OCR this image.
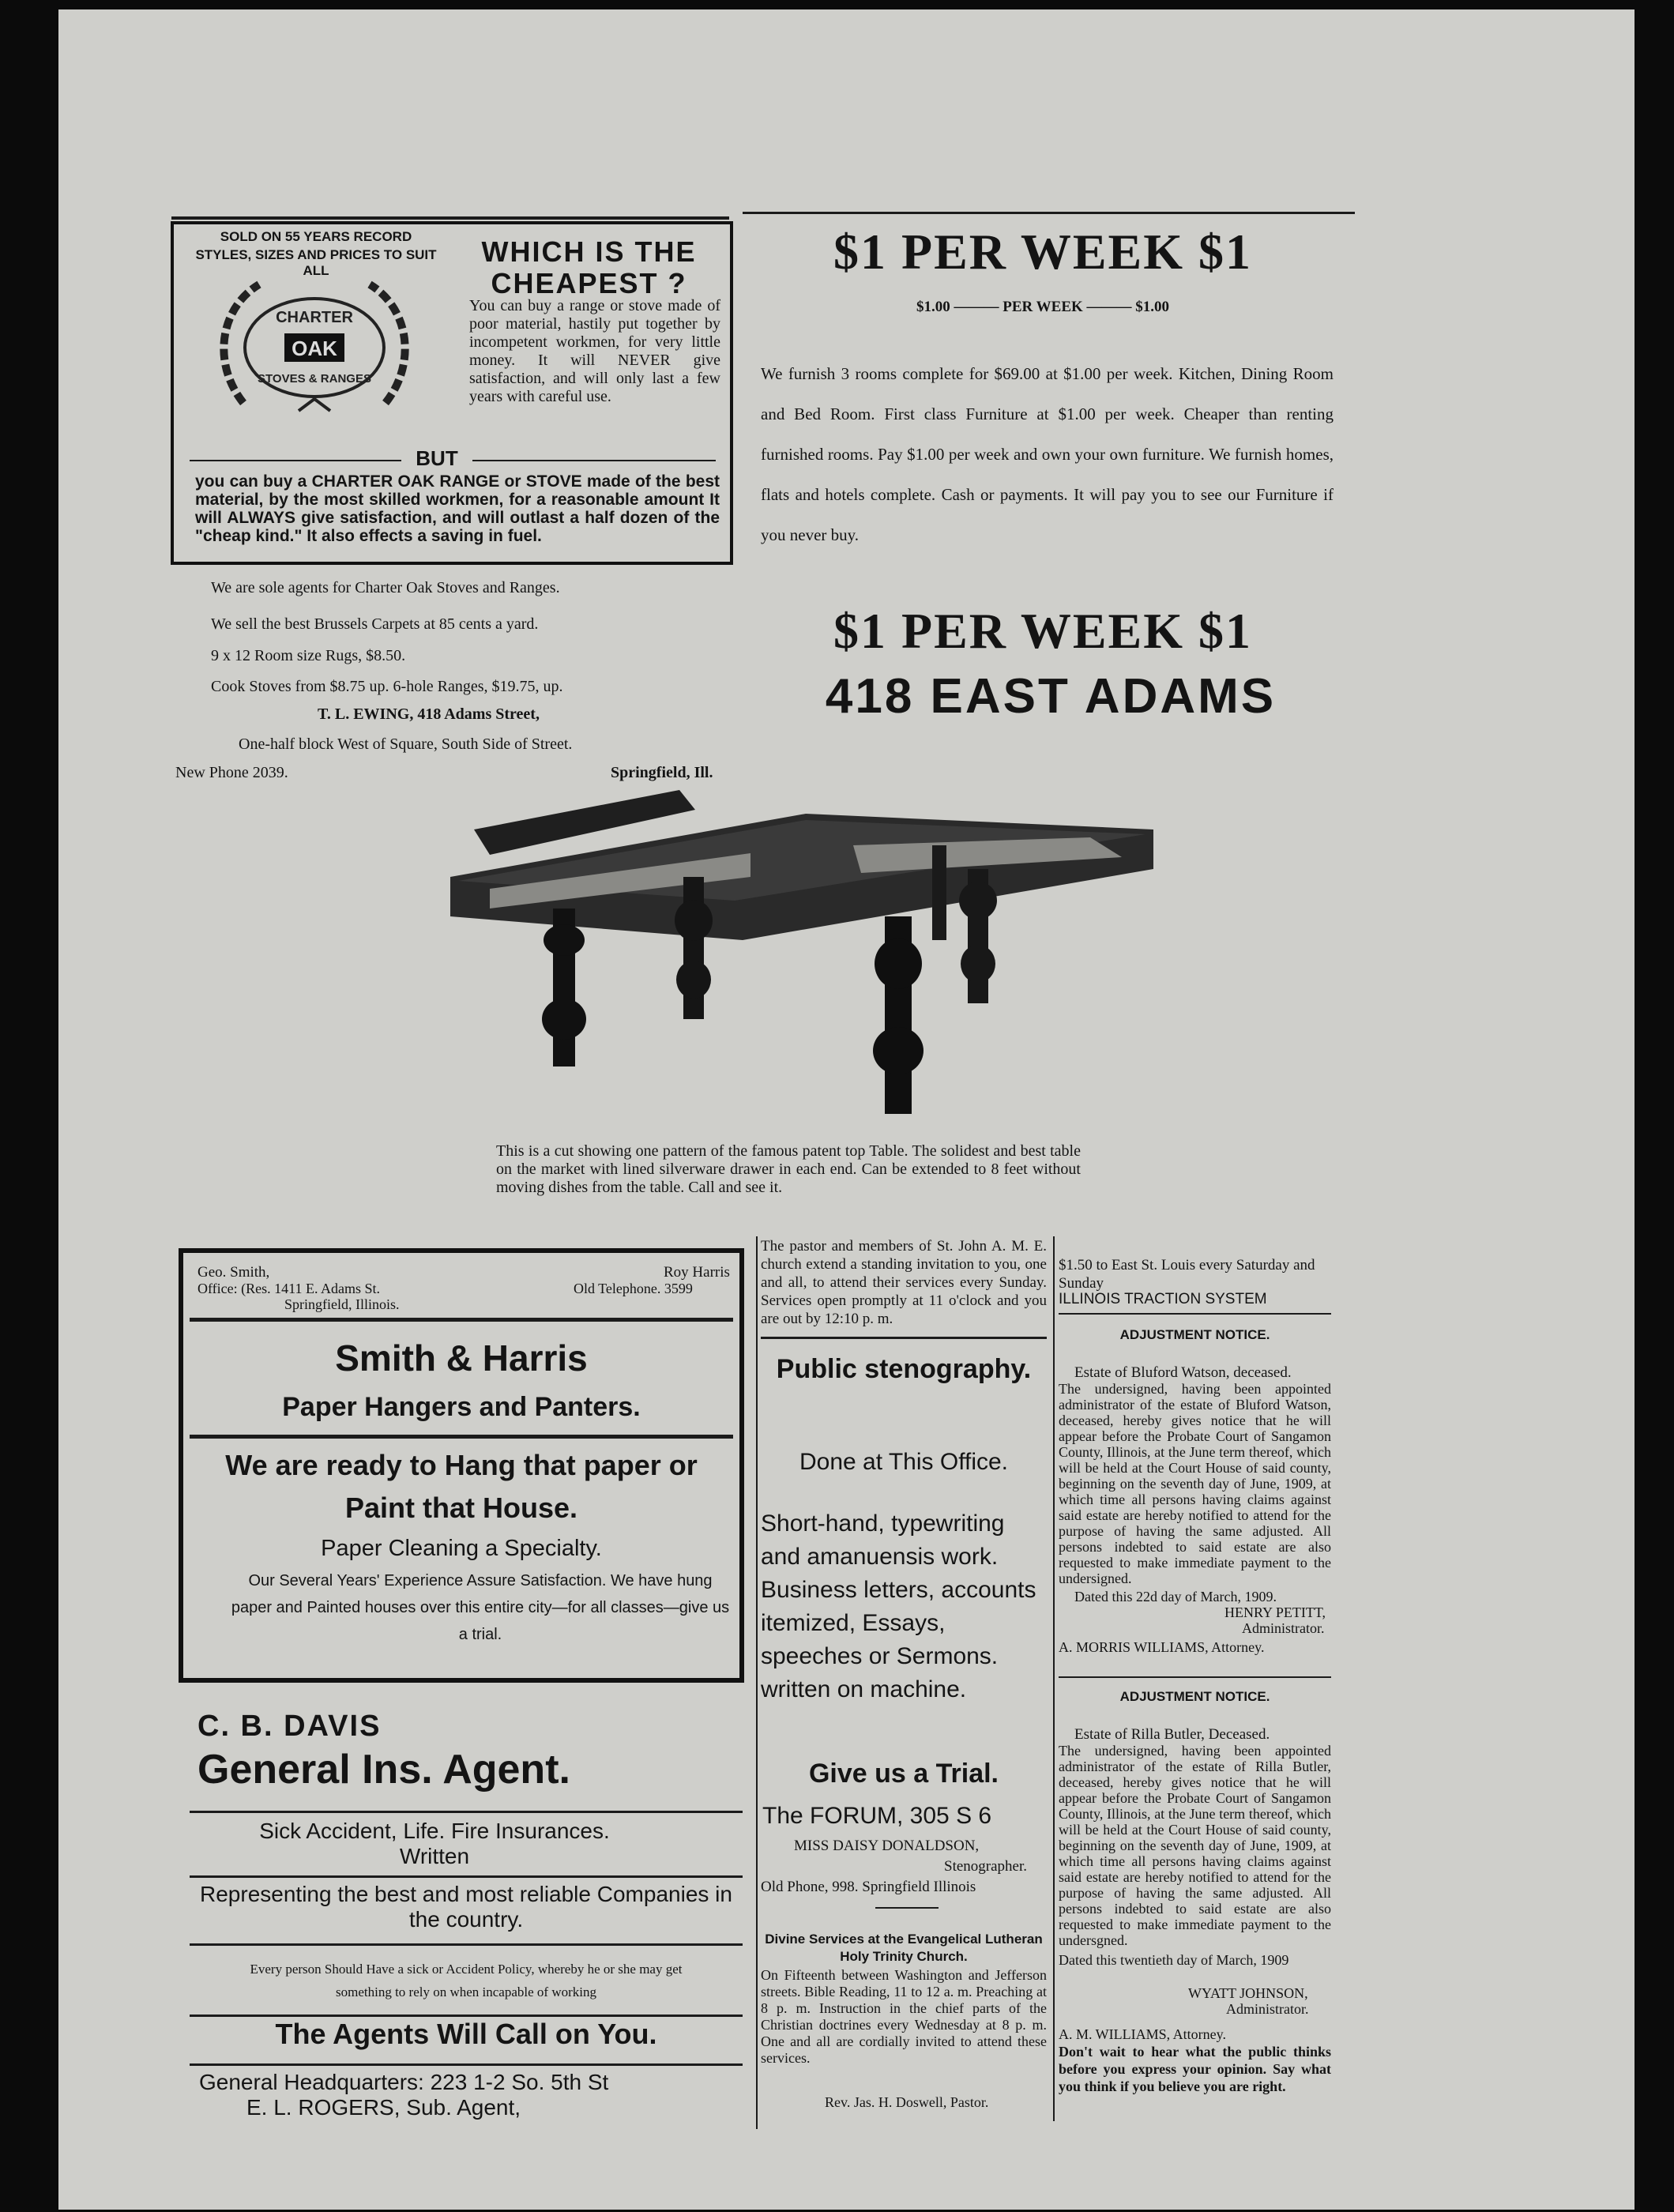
SOLD ON 55 YEARS RECORD
STYLES, SIZES AND PRICES TO SUIT ALL
OAK
CHARTER
STOVES & RANGES
WHICH IS THE
CHEAPEST ?
You can buy a range or stove made of poor material, hastily put together by incompetent workmen, for very little money. It will NEVER give satisfaction, and will only last a few years with careful use.
BUT
you can buy a CHARTER OAK RANGE or STOVE made of the best material, by the most skilled workmen, for a reasonable amount It will ALWAYS give satisfaction, and will outlast a half dozen of the "cheap kind." It also effects a saving in fuel.
We are sole agents for Charter Oak Stoves and Ranges.
We sell the best Brussels Carpets at 85 cents a yard.
9 x 12 Room size Rugs, $8.50.
Cook Stoves from $8.75 up. 6-hole Ranges, $19.75, up.
T. L. EWING, 418 Adams Street,
One-half block West of Square, South Side of Street.
New Phone 2039.	Springfield, Ill.
$1 PER WEEK $1
$1.00 ——— PER WEEK ——— $1.00
We furnish 3 rooms complete for $69.00 at $1.00 per week. Kitchen, Dining Room and Bed Room. First class Furniture at $1.00 per week. Cheaper than renting furnished rooms. Pay $1.00 per week and own your own furniture. We furnish homes, flats and hotels complete. Cash or payments. It will pay you to see our Furniture if you never buy.
$1 PER WEEK $1
418 EAST ADAMS
This is a cut showing one pattern of the famous patent top Table. The solidest and best table on the market with lined silverware drawer in each end. Can be extended to 8 feet without moving dishes from the table. Call and see it.
Geo. Smith,	Roy Harris
Office: (Res. 1411 E. Adams St.	Old Telephone. 3599
Springfield, Illinois.
Smith & Harris
Paper Hangers and Panters.
We are ready to Hang that paper or Paint that House.
Paper Cleaning a Specialty.
Our Several Years' Experience Assure Satisfaction. We have hung paper and Painted houses over this entire city—for all classes—give us a trial.
C. B. DAVIS
General Ins. Agent.
Sick Accident, Life. Fire Insurances. Written
Representing the best and most reliable Companies in the country.
Every person Should Have a sick or Accident Policy, whereby he or she may get something to rely on when incapable of working
The Agents Will Call on You.
General Headquarters: 223 1-2 So. 5th St
E. L. ROGERS, Sub. Agent,
The pastor and members of St. John A. M. E. church extend a standing invitation to you, one and all, to attend their services every Sunday. Services open promptly at 11 o'clock and you are out by 12:10 p. m.
Public stenography.
Done at This Office.
Short-hand, typewriting and amanuensis work. Business letters, accounts itemized, Essays, speeches or Sermons. written on machine.
Give us a Trial.
The FORUM, 305 S 6
MISS DAISY DONALDSON,
Stenographer.
Old Phone, 998. Springfield Illinois
Divine Services at the Evangelical Lutheran Holy Trinity Church.
On Fifteenth between Washington and Jefferson streets. Bible Reading, 11 to 12 a. m. Preaching at 8 p. m. Instruction in the chief parts of the Christian doctrines every Wednesday at 8 p. m. One and all are cordially invited to attend these services.
Rev. Jas. H. Doswell, Pastor.
$1.50 to East St. Louis every Saturday and Sunday
ILLINOIS TRACTION SYSTEM
ADJUSTMENT NOTICE.
Estate of Bluford Watson, deceased.
The undersigned, having been appointed administrator of the estate of Bluford Watson, deceased, hereby gives notice that he will appear before the Probate Court of Sangamon County, Illinois, at the June term thereof, which will be held at the Court House of said county, beginning on the seventh day of June, 1909, at which time all persons having claims against said estate are hereby notified to attend for the purpose of having the same adjusted. All persons indebted to said estate are also requested to make immediate payment to the undersigned.
Dated this 22d day of March, 1909.
HENRY PETITT,
Administrator.
A. MORRIS WILLIAMS, Attorney.
ADJUSTMENT NOTICE.
Estate of Rilla Butler, Deceased.
The undersigned, having been appointed administrator of the estate of Rilla Butler, deceased, hereby gives notice that he will appear before the Probate Court of Sangamon County, Illinois, at the June term thereof, which will be held at the Court House of said county, beginning on the seventh day of June, 1909, at which time all persons having claims against said estate are hereby notified to attend for the purpose of having the same adjusted. All persons indebted to said estate are also requested to make immediate payment to the undersgned.
Dated this twentieth day of March, 1909
WYATT JOHNSON,
Administrator.
A. M. WILLIAMS, Attorney.
Don't wait to hear what the public thinks before you express your opinion. Say what you think if you believe you are right.
